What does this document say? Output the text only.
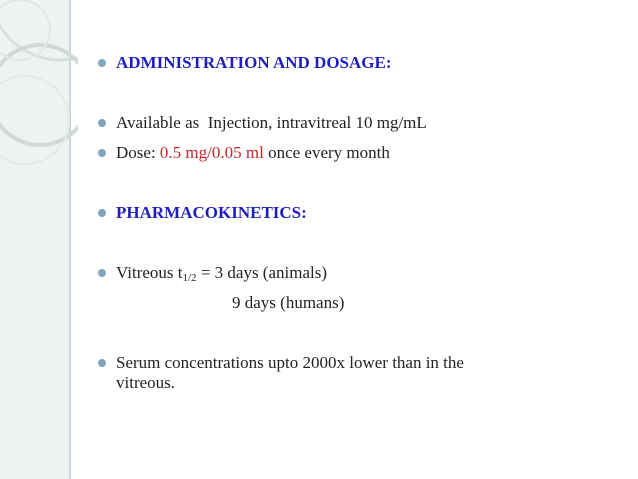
ADMINISTRATION AND DOSAGE:
Available as  Injection, intravitreal 10 mg/mL
Dose: 0.5 mg/0.05 ml once every month
PHARMACOKINETICS:
Vitreous $t_{1/2} = 3$ days (animals)
9 days (humans)
Serum concentrations upto 2000x lower than in the
vitreous.
